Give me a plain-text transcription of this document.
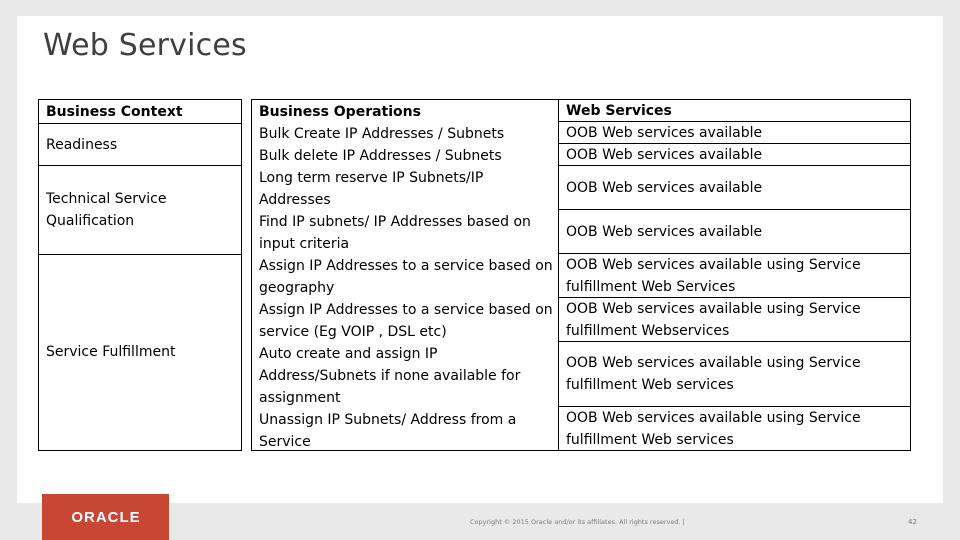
Web Services
Business Context
Readiness
Technical Service
Qualification
Service Fulfillment
Business Operations
Bulk Create IP Addresses / Subnets
Bulk delete IP Addresses / Subnets
Long term reserve IP Subnets/IP Addresses
Find IP subnets/ IP Addresses based on input criteria
Assign IP Addresses to a service based on geography
Assign IP Addresses to a service based on service (Eg VOIP , DSL etc)
Auto create and assign IP Address/Subnets if none available for assignment
Unassign IP Subnets/ Address from a Service
Web Services
OOB Web services available
OOB Web services available
OOB Web services available
OOB Web services available
OOB Web services available using Service fulfillment Web Services
OOB Web services available using Service fulfillment Webservices
OOB Web services available using Service fulfillment Web services
OOB Web services available using Service fulfillment Web services
ORACLE	Copyright © 2015 Oracle and/or its affiliates. All rights reserved. |	42
